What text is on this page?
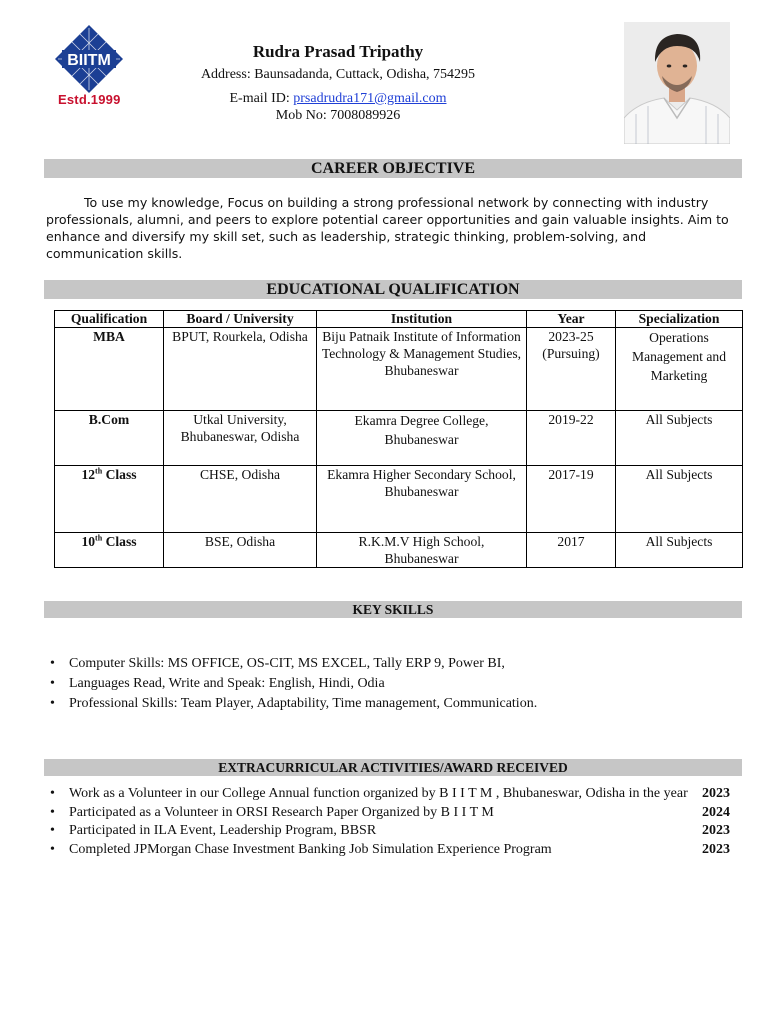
BIITM
Estd.1999
Rudra Prasad Tripathy
Address: Baunsadanda, Cuttack, Odisha, 754295
E-mail ID: prsadrudra171@gmail.com
Mob No: 7008089926
CAREER OBJECTIVE
To use my knowledge, Focus on building a strong professional network by connecting with industry professionals, alumni, and peers to explore potential career opportunities and gain valuable insights. Aim to enhance and diversify my skill set, such as leadership, strategic thinking, problem-solving, and communication skills.
EDUCATIONAL QUALIFICATION
Qualification	Board / University	Institution	Year	Specialization
MBA	BPUT, Rourkela, Odisha	Biju Patnaik Institute of Information Technology & Management Studies, Bhubaneswar	2023-25 (Pursuing)	Operations Management and Marketing
B.Com	Utkal University, Bhubaneswar, Odisha	Ekamra Degree College, Bhubaneswar	2019-22	All Subjects
12th Class	CHSE, Odisha	Ekamra Higher Secondary School, Bhubaneswar	2017-19	All Subjects
10th Class	BSE, Odisha	R.K.M.V High School, Bhubaneswar	2017	All Subjects
KEY SKILLS
• Computer Skills: MS OFFICE, OS-CIT, MS EXCEL, Tally ERP 9, Power BI,
• Languages Read, Write and Speak: English, Hindi, Odia
• Professional Skills: Team Player, Adaptability, Time management, Communication.
EXTRACURRICULAR ACTIVITIES/AWARD RECEIVED
• Work as a Volunteer in our College Annual function organized by B I I T M , Bhubaneswar, Odisha in the year 2023
• Participated as a Volunteer in ORSI Research Paper Organized by B I I T M	2024
• Participated in ILA Event, Leadership Program, BBSR	2023
• Completed JPMorgan Chase Investment Banking Job Simulation Experience Program	2023
